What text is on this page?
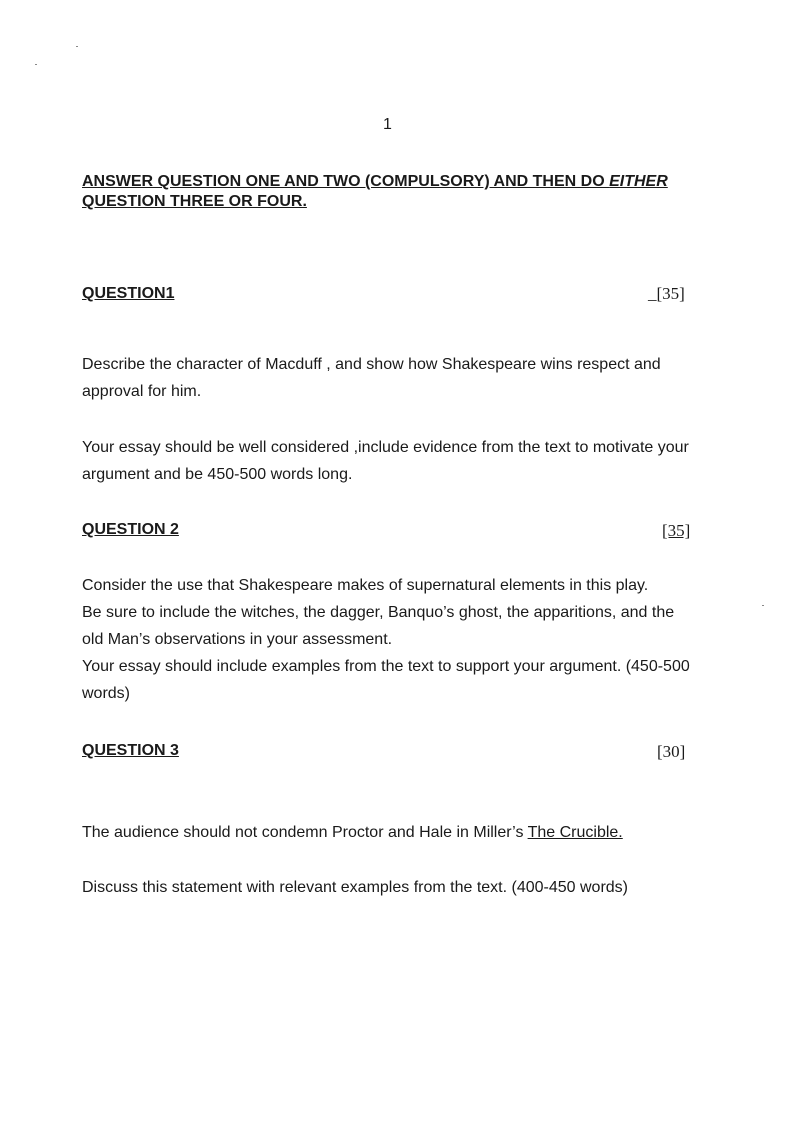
1
ANSWER QUESTION ONE AND TWO (COMPULSORY) AND THEN DO EITHER
QUESTION THREE OR FOUR.
QUESTION1	_[35]

Describe the character of Macduff , and show how Shakespeare wins respect and approval for him.

Your essay should be well considered ,include evidence from the text to motivate your argument and be 450-500 words long.

QUESTION 2	[35]

Consider the use that Shakespeare makes of supernatural elements in this play.

Be sure to include the witches, the dagger, Banquo’s ghost, the apparitions, and the old Man’s observations in your assessment.

Your essay should include examples from the text to support your argument. (450-500 words)

QUESTION 3	[30]

The audience should not condemn Proctor and Hale in Miller’s The Crucible.

Discuss this statement with relevant examples from the text. (400-450 words)
